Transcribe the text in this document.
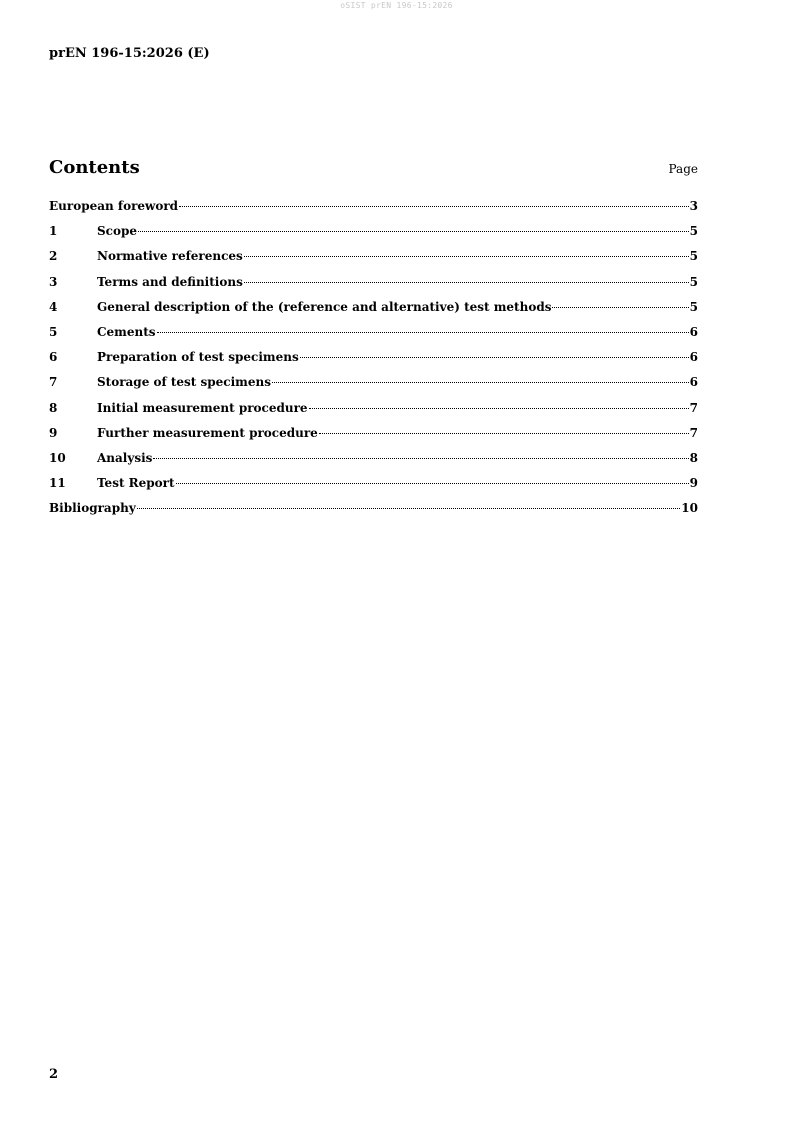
oSIST prEN 196-15:2026
prEN 196-15:2026 (E)
Contents	Page
European foreword	3
1	Scope	5
2	Normative references	5
3	Terms and definitions	5
4	General description of the (reference and alternative) test methods	5
5	Cements	6
6	Preparation of test specimens	6
7	Storage of test specimens	6
8	Initial measurement procedure	7
9	Further measurement procedure	7
10	Analysis	8
11	Test Report	9
Bibliography	10
2
